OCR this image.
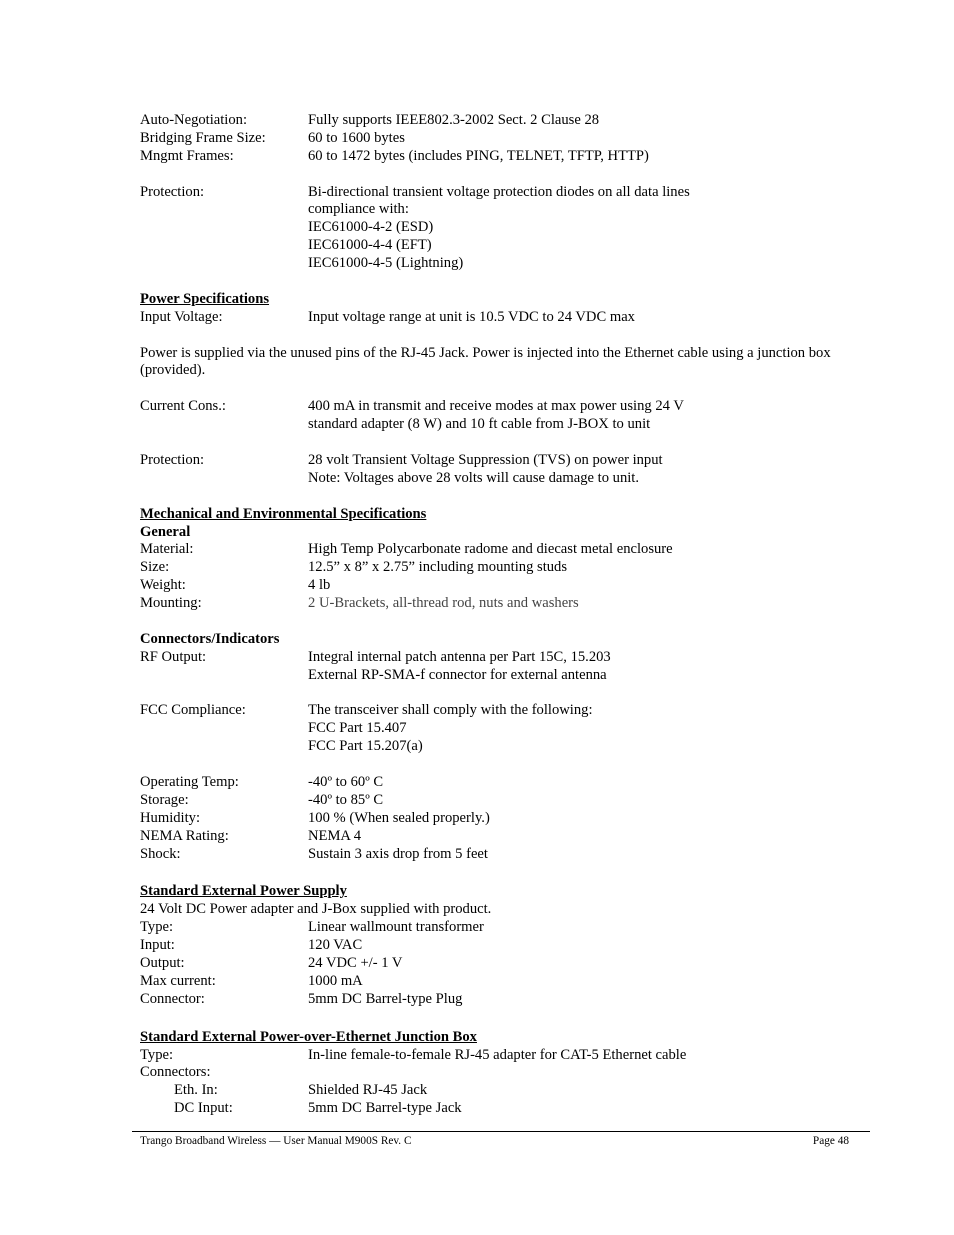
Auto-Negotiation:	Fully supports IEEE802.3-2002 Sect. 2 Clause 28
Bridging Frame Size:	60 to 1600 bytes
Mngmt Frames:	60 to 1472 bytes (includes PING, TELNET, TFTP, HTTP)
Protection:	Bi-directional transient voltage protection diodes on all data lines
compliance with:
IEC61000-4-2 (ESD)
IEC61000-4-4 (EFT)
IEC61000-4-5 (Lightning)
Power Specifications
Input Voltage:	Input voltage range at unit is 10.5 VDC to 24 VDC max
Power is supplied via the unused pins of the RJ-45 Jack. Power is injected into the Ethernet cable using a junction box (provided).
Current Cons.:	400 mA in transmit and receive modes at max power using 24 V
standard adapter (8 W) and 10 ft cable from J-BOX to unit
Protection:	28 volt Transient Voltage Suppression (TVS) on power input
Note: Voltages above 28 volts will cause damage to unit.
Mechanical and Environmental Specifications
General
Material:	High Temp Polycarbonate radome and diecast metal enclosure
Size:	12.5” x 8” x 2.75” including mounting studs
Weight:	4 lb
Mounting:	2 U-Brackets, all-thread rod, nuts and washers
Connectors/Indicators
RF Output:	Integral internal patch antenna per Part 15C, 15.203
External RP-SMA-f connector for external antenna
FCC Compliance:	The transceiver shall comply with the following:
FCC Part 15.407
FCC Part 15.207(a)
Operating Temp:	-40º to 60º C
Storage:	-40º to 85º C
Humidity:	100 % (When sealed properly.)
NEMA Rating:	NEMA 4
Shock:	Sustain 3 axis drop from 5 feet
Standard External Power Supply
24 Volt DC Power adapter and J-Box supplied with product.
Type:	Linear wallmount transformer
Input:	120 VAC
Output:	24 VDC +/- 1 V
Max current:	1000 mA
Connector:	5mm DC Barrel-type Plug
Standard External Power-over-Ethernet Junction Box
Type:	In-line female-to-female RJ-45 adapter for CAT-5 Ethernet cable
Connectors:
Eth. In:	Shielded RJ-45 Jack
DC Input:	5mm DC Barrel-type Jack
Trango Broadband Wireless — User Manual M900S Rev. C	Page 48
